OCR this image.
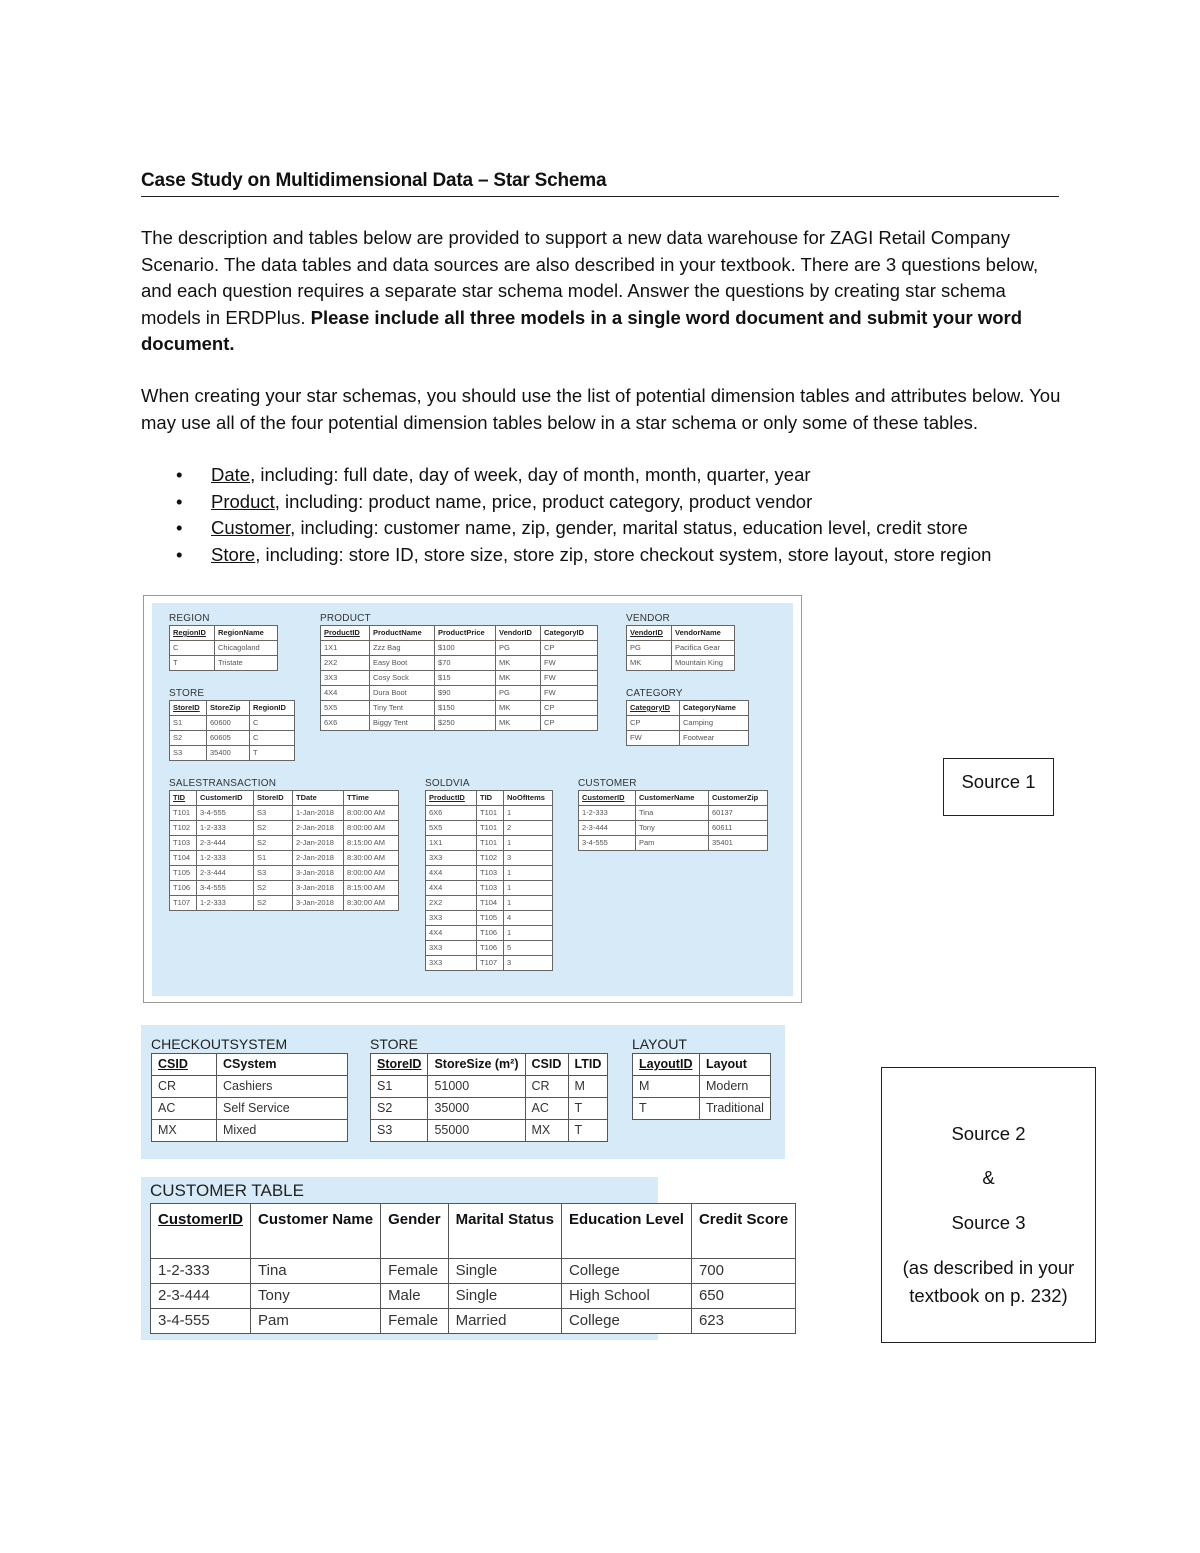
Case Study on Multidimensional Data – Star Schema
The description and tables below are provided to support a new data warehouse for ZAGI Retail Company Scenario. The data tables and data sources are also described in your textbook. There are 3 questions below, and each question requires a separate star schema model. Answer the questions by creating star schema models in ERDPlus. Please include all three models in a single word document and submit your word document.
When creating your star schemas, you should use the list of potential dimension tables and attributes below. You may use all of the four potential dimension tables below in a star schema or only some of these tables.
• Date, including: full date, day of week, day of month, month, quarter, year
• Product, including: product name, price, product category, product vendor
• Customer, including: customer name, zip, gender, marital status, education level, credit store
• Store, including: store ID, store size, store zip, store checkout system, store layout, store region
REGION
RegionID	RegionName
C	Chicagoland
T	Tristate
STORE
StoreID	StoreZip	RegionID
S1	60600	C
S2	60605	C
S3	35400	T
PRODUCT
ProductID	ProductName	ProductPrice	VendorID	CategoryID
1X1	Zzz Bag	$100	PG	CP
2X2	Easy Boot	$70	MK	FW
3X3	Cosy Sock	$15	MK	FW
4X4	Dura Boot	$90	PG	FW
5X5	Tiny Tent	$150	MK	CP
6X6	Biggy Tent	$250	MK	CP
VENDOR
VendorID	VendorName
PG	Pacifica Gear
MK	Mountain King
CATEGORY
CategoryID	CategoryName
CP	Camping
FW	Footwear
SALESTRANSACTION
TID	CustomerID	StoreID	TDate	TTime
T101	3-4-555	S3	1-Jan-2018	8:00:00 AM
T102	1-2-333	S2	2-Jan-2018	8:00:00 AM
T103	2-3-444	S2	2-Jan-2018	8:15:00 AM
T104	1-2-333	S1	2-Jan-2018	8:30:00 AM
T105	2-3-444	S3	3-Jan-2018	8:00:00 AM
T106	3-4-555	S2	3-Jan-2018	8:15:00 AM
T107	1-2-333	S2	3-Jan-2018	8:30:00 AM
SOLDVIA
ProductID	TID	NoOfItems
6X6	T101	1
5X5	T101	2
1X1	T101	1
3X3	T102	3
4X4	T103	1
4X4	T103	1
2X2	T104	1
3X3	T105	4
4X4	T106	1
3X3	T106	5
3X3	T107	3
CUSTOMER
CustomerID	CustomerName	CustomerZip
1-2-333	Tina	60137
2-3-444	Tony	60611
3-4-555	Pam	35401
Source 1
CHECKOUTSYSTEM
CSID	CSystem
CR	Cashiers
AC	Self Service
MX	Mixed
STORE
StoreID	StoreSize (m²)	CSID	LTID
S1	51000	CR	M
S2	35000	AC	T
S3	55000	MX	T
LAYOUT
LayoutID	Layout
M	Modern
T	Traditional
CUSTOMER TABLE
CustomerID	Customer Name	Gender	Marital Status	Education Level	Credit Score
1-2-333	Tina	Female	Single	College	700
2-3-444	Tony	Male	Single	High School	650
3-4-555	Pam	Female	Married	College	623
Source 2
&
Source 3
(as described in your textbook on p. 232)
